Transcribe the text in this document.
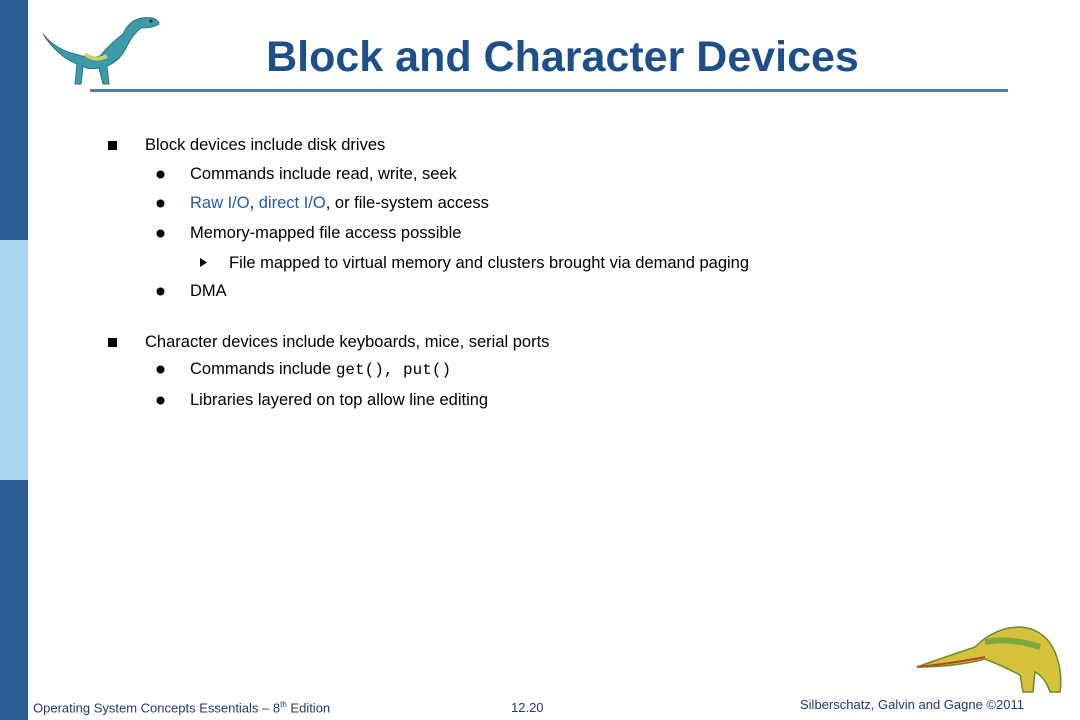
Block and Character Devices
Block devices include disk drives
Commands include read, write, seek
Raw I/O, direct I/O, or file-system access
Memory-mapped file access possible
File mapped to virtual memory and clusters brought via demand paging
DMA
Character devices include keyboards, mice, serial ports
Commands include get(), put()
Libraries layered on top allow line editing
Operating System Concepts Essentials – 8th Edition	12.20	Silberschatz, Galvin and Gagne ©2011
